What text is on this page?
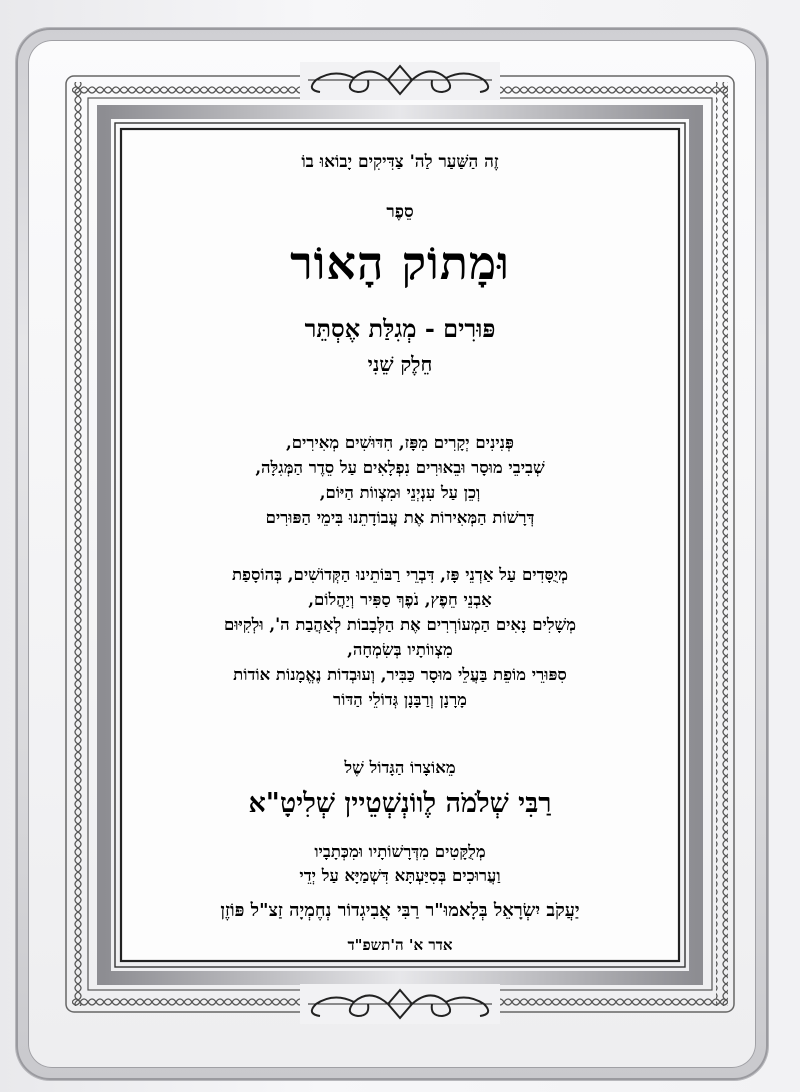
זֶה הַשַּׁעַר לַה' צַדִּיקִים יָבוֹאוּ בוֹ
סֵפֶר
וּמָתוֹק הָאוֹר
פּוּרִים - מְגִלַּת אֶסְתֵּר
חֵלֶק שֵׁנִי
פְּנִינִים יְקָרִים מִפָּז, חִדּוּשִׁים מְאִירִים,
שְׁבִיבֵי מוּסָר וּבֵאוּרִים נִפְלָאִים עַל סֵדֶר הַמְּגִלָּה,
וְכֵן עַל עִנְיְנֵי וּמִצְווֹת הַיּוֹם,
דְּרָשׁוֹת הַמְּאִירוֹת אֶת עֲבוֹדָתֵנוּ בִּימֵי הַפּוּרִים
מְיֻסָּדִים עַל אַדְנֵי פָּז, דִּבְרֵי רַבּוֹתֵינוּ הַקְּדוֹשִׁים, בְּהוֹסָפַת
אַבְנֵי חֵפֶץ, נֹפֶךְ סַפִּיר וְיַהֲלוֹם,
מְשָׁלִים נָאִים הַמְעוֹרְרִים אֶת הַלְּבָבוֹת לְאַהֲבַת ה', וּלְקִיּוּם
מִצְווֹתָיו בְּשִׂמְחָה,
סִפּוּרֵי מוֹפֵת בַּעֲלֵי מוּסָר כַּבִּיר, וְעוּבְדוֹת נֶאֱמָנוֹת אוֹדוֹת
מָרָנָן וְרַבָּנָן גְּדוֹלֵי הַדּוֹר
מֵאוֹצָרוֹ הַגָּדוֹל שֶׁל
רַבִּי שְׁלֹמֹה לֶווֹנְשְׁטֵיין שְׁלִיטָ"א
מְלֻקָּטִים מִדְּרָשׁוֹתָיו וּמִכְּתָבָיו
וַעֲרוּכִים בְּסִיַּעְתָּא דִּשְׁמַיָּא עַל יְדֵי
יַעֲקֹב יִשְׂרָאֵל בְּלָאמוּ"ר רַבִּי אֲבִיגְדוֹר נְחֶמְיָה זַצ"ל פּוֹזֶן
אדר א' ה'תשפ"ד
